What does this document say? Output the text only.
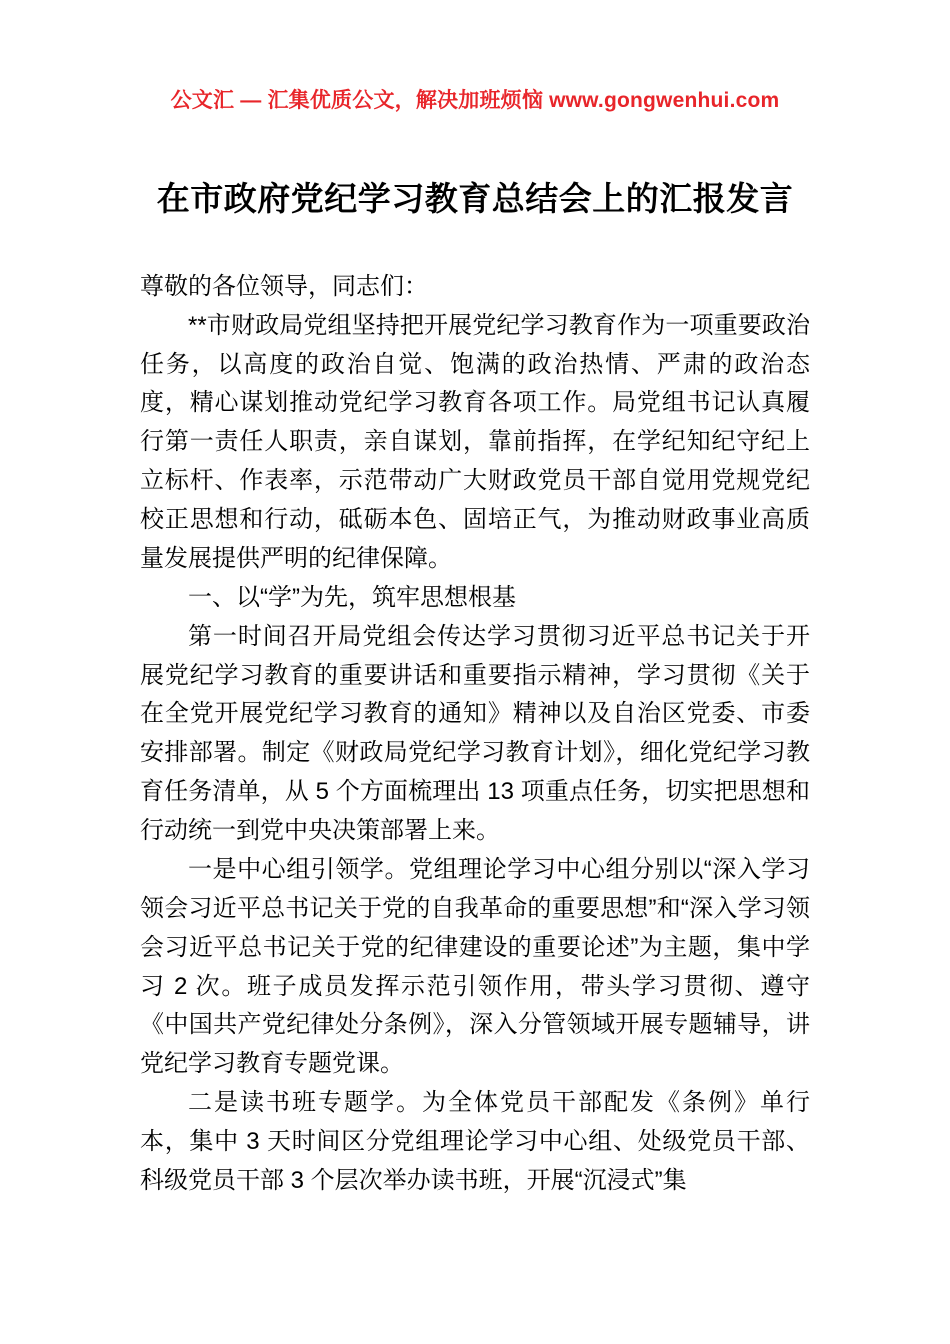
公文汇 — 汇集优质公文，解决加班烦恼 www.gongwenhui.com
在市政府党纪学习教育总结会上的汇报发言

尊敬的各位领导，同志们：

**市财政局党组坚持把开展党纪学习教育作为一项重要政治任务，以高度的政治自觉、饱满的政治热情、严肃的政治态度，精心谋划推动党纪学习教育各项工作。局党组书记认真履行第一责任人职责，亲自谋划，靠前指挥，在学纪知纪守纪上立标杆、作表率，示范带动广大财政党员干部自觉用党规党纪校正思想和行动，砥砺本色、固培正气，为推动财政事业高质量发展提供严明的纪律保障。

一、以“学”为先，筑牢思想根基

第一时间召开局党组会传达学习贯彻习近平总书记关于开展党纪学习教育的重要讲话和重要指示精神，学习贯彻《关于在全党开展党纪学习教育的通知》精神以及自治区党委、市委安排部署。制定《财政局党纪学习教育计划》，细化党纪学习教育任务清单，从 5 个方面梳理出 13 项重点任务，切实把思想和行动统一到党中央决策部署上来。

一是中心组引领学。党组理论学习中心组分别以“深入学习领会习近平总书记关于党的自我革命的重要思想”和“深入学习领会习近平总书记关于党的纪律建设的重要论述”为主题，集中学习 2 次。班子成员发挥示范引领作用，带头学习贯彻、遵守《中国共产党纪律处分条例》，深入分管领域开展专题辅导，讲党纪学习教育专题党课。

二是读书班专题学。为全体党员干部配发《条例》单行本，集中 3 天时间区分党组理论学习中心组、处级党员干部、科级党员干部 3 个层次举办读书班，开展“沉浸式”集
